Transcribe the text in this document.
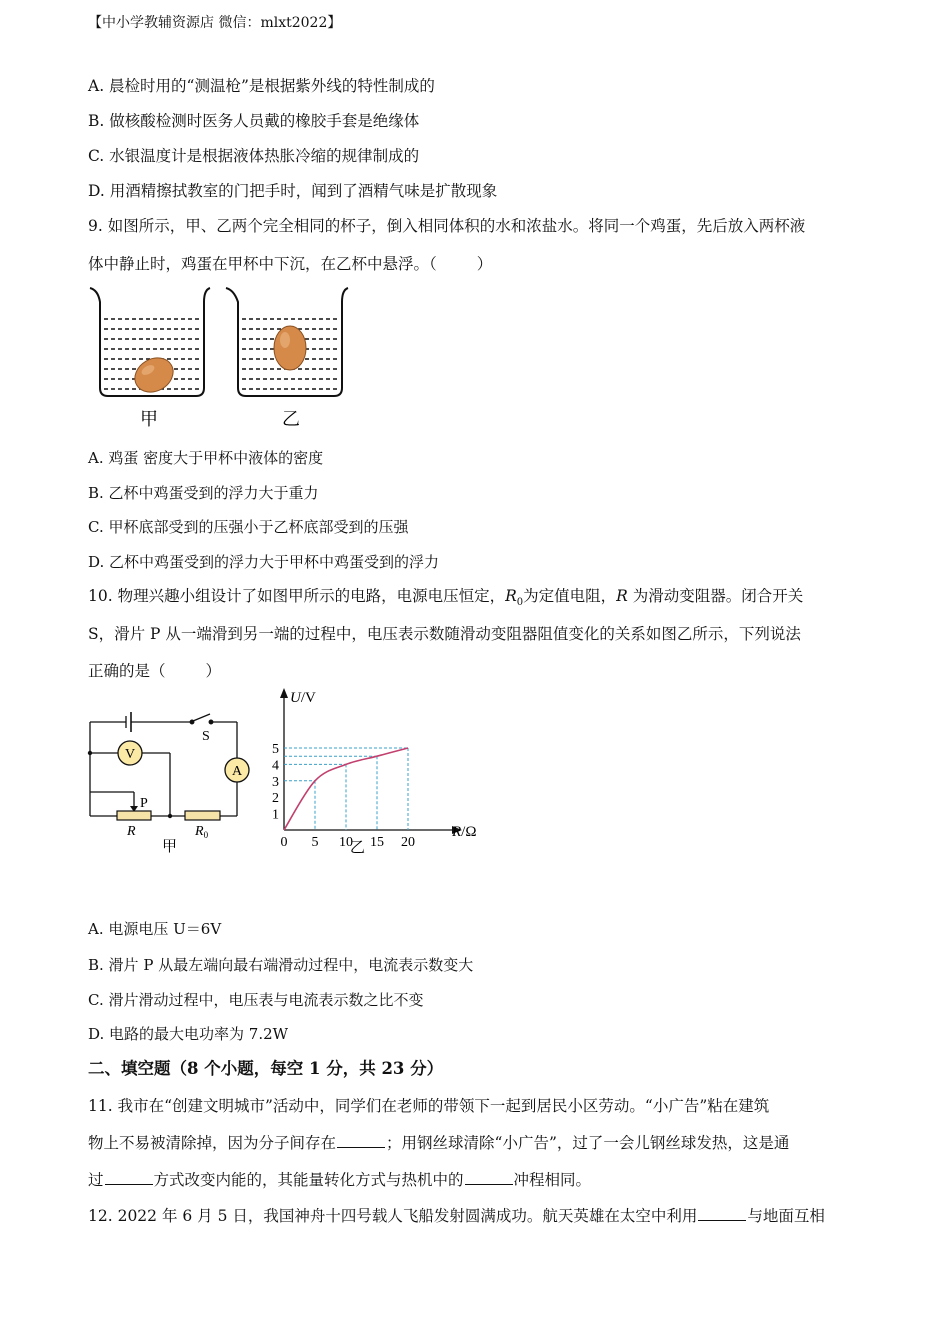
【中小学教辅资源店 微信：mlxt2022】
A. 晨检时用的“测温枪”是根据紫外线的特性制成的
B. 做核酸检测时医务人员戴的橡胶手套是绝缘体
C. 水银温度计是根据液体热胀冷缩的规律制成的
D. 用酒精擦拭教室的门把手时，闻到了酒精气味是扩散现象
9. 如图所示，甲、乙两个完全相同的杯子，倒入相同体积的水和浓盐水。将同一个鸡蛋，先后放入两杯液
体中静止时，鸡蛋在甲杯中下沉，在乙杯中悬浮。（	）
甲	乙
A. 鸡蛋 密度大于甲杯中液体的密度
B. 乙杯中鸡蛋受到的浮力大于重力
C. 甲杯底部受到的压强小于乙杯底部受到的压强
D. 乙杯中鸡蛋受到的浮力大于甲杯中鸡蛋受到的浮力
10. 物理兴趣小组设计了如图甲所示的电路，电源电压恒定，$R_0$为定值电阻，R 为滑动变阻器。闭合开关
S，滑片 P 从一端滑到另一端的过程中，电压表示数随滑动变阻器阻值变化的关系如图乙所示，下列说法
正确的是（	）
V
A
S
P
R	$R_0$
甲
U/V
R/Ω
0 5 10 15 20
1
2
3
4
5
乙
A. 电源电压 U＝6V
B. 滑片 P 从最左端向最右端滑动过程中，电流表示数变大
C. 滑片滑动过程中，电压表与电流表示数之比不变
D. 电路的最大电功率为 7.2W
二、填空题（8 个小题，每空 1 分，共 23 分）
11. 我市在“创建文明城市”活动中，同学们在老师的带领下一起到居民小区劳动。“小广告”粘在建筑
物上不易被清除掉，因为分子间存在	；用钢丝球清除“小广告”，过了一会儿钢丝球发热，这是通
过	方式改变内能的，其能量转化方式与热机中的	冲程相同。
12. 2022 年 6 月 5 日，我国神舟十四号载人飞船发射圆满成功。航天英雄在太空中利用	与地面互相
